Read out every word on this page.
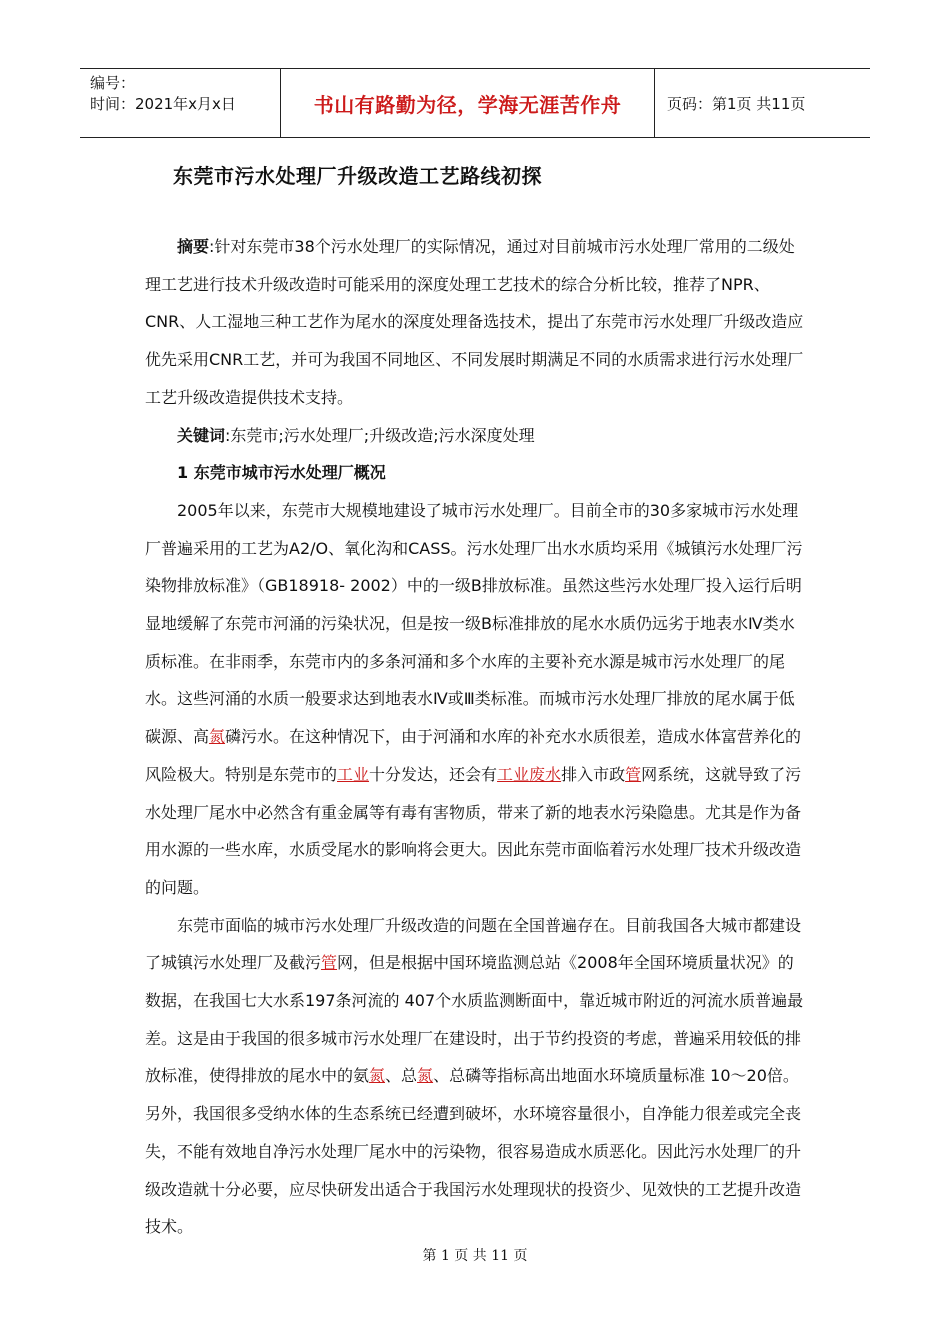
编号：
时间：2021年x月x日	书山有路勤为径，学海无涯苦作舟	页码：第1页 共11页
东莞市污水处理厂升级改造工艺路线初探

摘要:针对东莞市38个污水处理厂的实际情况，通过对目前城市污水处理厂常用的二级处理工艺进行技术升级改造时可能采用的深度处理工艺技术的综合分析比较，推荐了NPR、CNR、人工湿地三种工艺作为尾水的深度处理备选技术，提出了东莞市污水处理厂升级改造应优先采用CNR工艺，并可为我国不同地区、不同发展时期满足不同的水质需求进行污水处理厂工艺升级改造提供技术支持。

关键词:东莞市;污水处理厂;升级改造;污水深度处理

1 东莞市城市污水处理厂概况

2005年以来，东莞市大规模地建设了城市污水处理厂。目前全市的30多家城市污水处理厂普遍采用的工艺为A2/O、氧化沟和CASS。污水处理厂出水水质均采用《城镇污水处理厂污染物排放标准》（GB18918- 2002）中的一级B排放标准。虽然这些污水处理厂投入运行后明显地缓解了东莞市河涌的污染状况，但是按一级B标准排放的尾水水质仍远劣于地表水Ⅳ类水质标准。在非雨季，东莞市内的多条河涌和多个水库的主要补充水源是城市污水处理厂的尾水。这些河涌的水质一般要求达到地表水Ⅳ或Ⅲ类标准。而城市污水处理厂排放的尾水属于低碳源、高氮磷污水。在这种情况下，由于河涌和水库的补充水水质很差，造成水体富营养化的风险极大。特别是东莞市的工业十分发达，还会有工业废水排入市政管网系统，这就导致了污水处理厂尾水中必然含有重金属等有毒有害物质，带来了新的地表水污染隐患。尤其是作为备用水源的一些水库，水质受尾水的影响将会更大。因此东莞市面临着污水处理厂技术升级改造的问题。

东莞市面临的城市污水处理厂升级改造的问题在全国普遍存在。目前我国各大城市都建设了城镇污水处理厂及截污管网，但是根据中国环境监测总站《2008年全国环境质量状况》的数据，在我国七大水系197条河流的 407个水质监测断面中，靠近城市附近的河流水质普遍最差。这是由于我国的很多城市污水处理厂在建设时，出于节约投资的考虑，普遍采用较低的排放标准，使得排放的尾水中的氨氮、总氮、总磷等指标高出地面水环境质量标准 10～20倍。另外，我国很多受纳水体的生态系统已经遭到破坏，水环境容量很小，自净能力很差或完全丧失，不能有效地自净污水处理厂尾水中的污染物，很容易造成水质恶化。因此污水处理厂的升级改造就十分必要，应尽快研发出适合于我国污水处理现状的投资少、见效快的工艺提升改造技术。

第 1 页 共 11 页
